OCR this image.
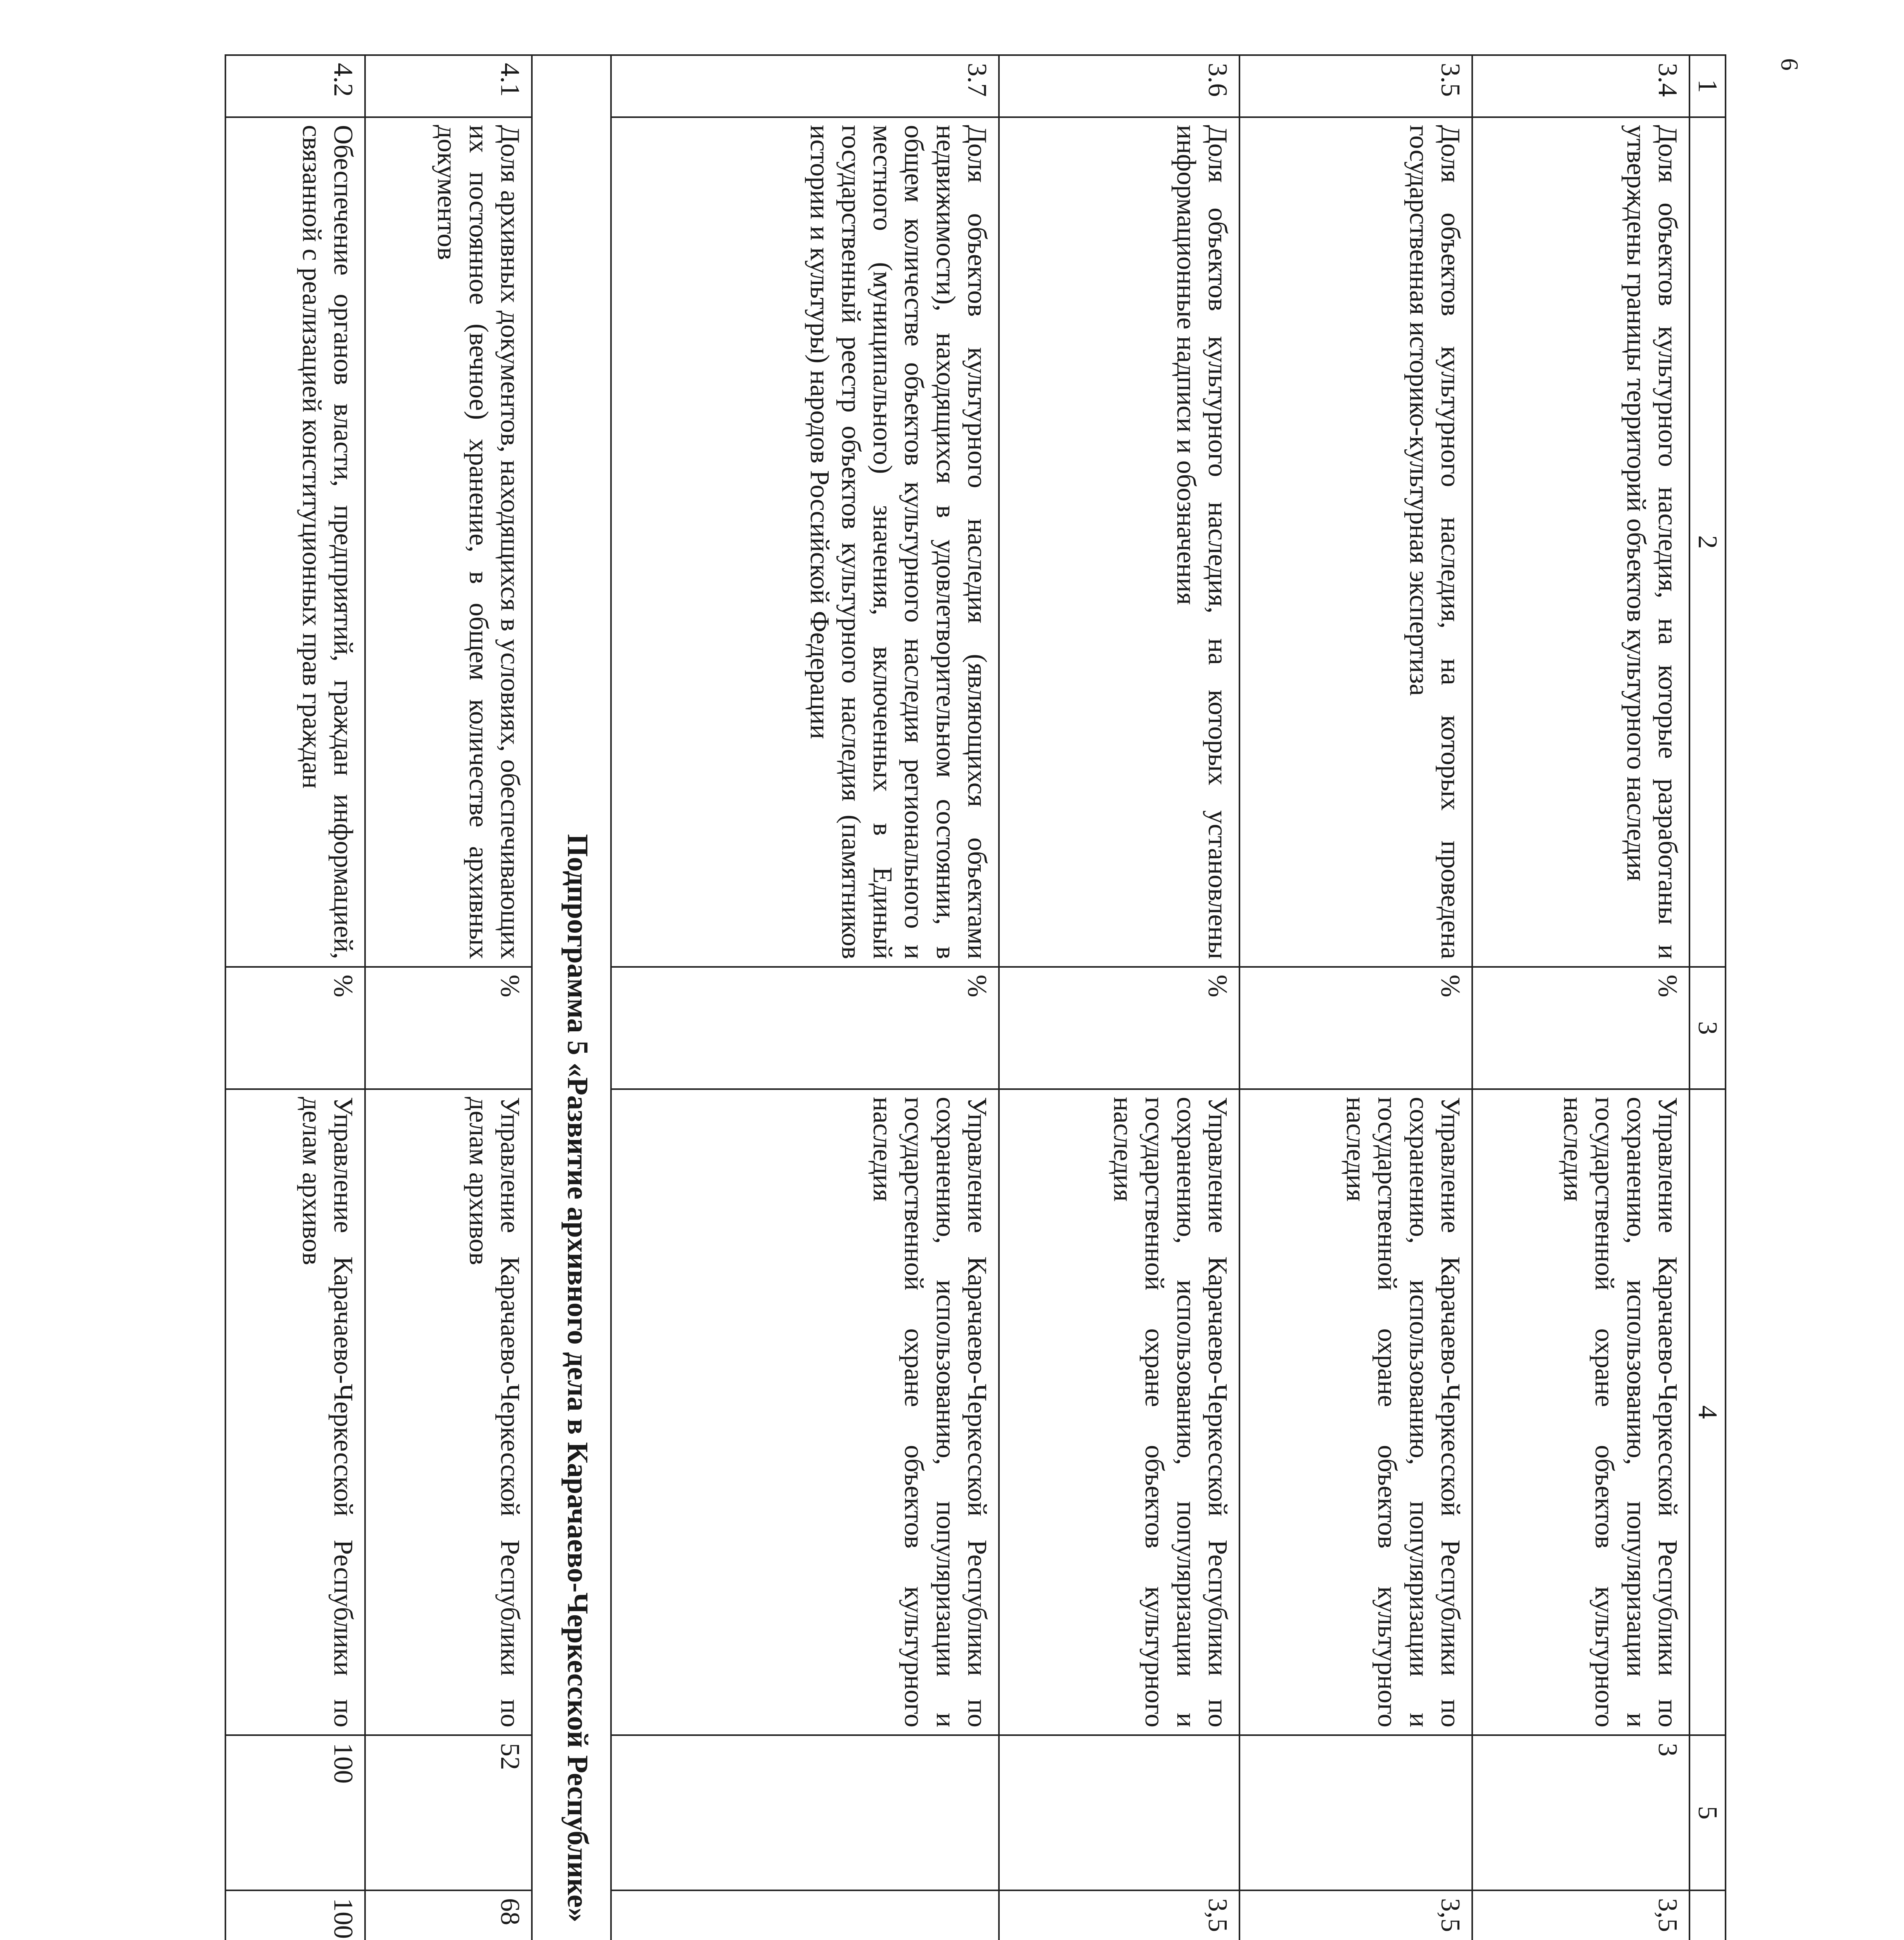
6
1	2	3	4	5					
3.4	Доля объектов культурного наследия, на которые разработаны и утверждены границы территорий объектов культурного наследия	%	Управление Карачаево-Черкесской Республики по сохранению, использованию, популяризации и государственной охране объектов культурного наследия	3	3,5				
3.5	Доля объектов культурного наследия, на которых проведена государственная историко-культурная экспертиза	%	Управление Карачаево-Черкесской Республики по сохранению, использованию, популяризации и государственной охране объектов культурного наследия		3,5				
3.6	Доля объектов культурного наследия, на которых установлены информационные надписи и обозначения	%	Управление Карачаево-Черкесской Республики по сохранению, использованию, популяризации и государственной охране объектов культурного наследия		3,5				
3.7	Доля объектов культурного наследия (являющихся объектами недвижимости), находящихся в удовлетворительном состоянии, в общем количестве объектов культурного наследия регионального и местного (муниципального) значения, включенных в Единый государственный реестр объектов культурного наследия (памятников истории и культуры) народов Российской Федерации	%	Управление Карачаево-Черкесской Республики по сохранению, использованию, популяризации и государственной охране объектов культурного наследия						
Подпрограмма 5 «Развитие архивного дела в Карачаево-Черкесской Республике»									
4.1	Доля архивных документов, находящихся в условиях, обеспечивающих их постоянное (вечное) хранение, в общем количестве архивных документов	%	Управление Карачаево-Черкесской Республики по делам архивов	52	68				
4.2	Обеспечение органов власти, предприятий, граждан информацией, связанной с реализацией конституционных прав граждан	%	Управление Карачаево-Черкесской Республики по делам архивов	100	100				
